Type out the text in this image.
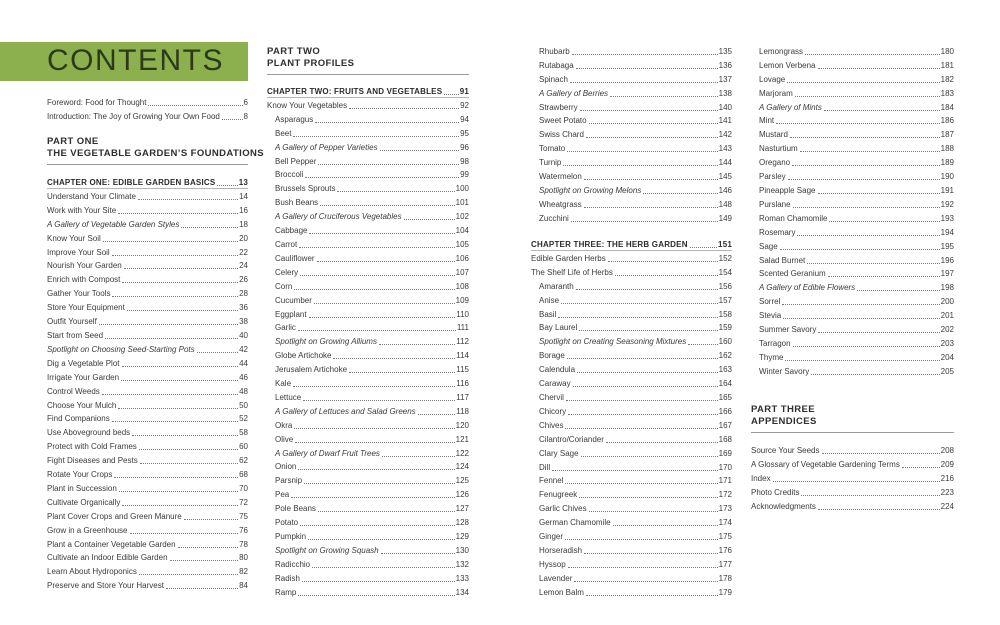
CONTENTS
Foreword: Food for Thought	6
Introduction: The Joy of Growing Your Own Food	8
PART ONE
THE VEGETABLE GARDEN’S FOUNDATIONS
CHAPTER ONE: EDIBLE GARDEN BASICS	13
Understand Your Climate	14
Work with Your Site	16
A Gallery of Vegetable Garden Styles	18
Know Your Soil	20
Improve Your Soil	22
Nourish Your Garden	24
Enrich with Compost	26
Gather Your Tools	28
Store Your Equipment	36
Outfit Yourself	38
Start from Seed	40
Spotlight on Choosing Seed-Starting Pots	42
Dig a Vegetable Plot	44
Irrigate Your Garden	46
Control Weeds	48
Choose Your Mulch	50
Find Companions	52
Use Aboveground beds	58
Protect with Cold Frames	60
Fight Diseases and Pests	62
Rotate Your Crops	68
Plant in Succession	70
Cultivate Organically	72
Plant Cover Crops and Green Manure	75
Grow in a Greenhouse	76
Plant a Container Vegetable Garden	78
Cultivate an Indoor Edible Garden	80
Learn About Hydroponics	82
Preserve and Store Your Harvest	84
PART TWO
PLANT PROFILES
CHAPTER TWO: FRUITS AND VEGETABLES 91
Know Your Vegetables	92
Asparagus	94
Beet	95
A Gallery of Pepper Varieties	96
Bell Pepper	98
Broccoli	99
Brussels Sprouts	100
Bush Beans	101
A Gallery of Cruciferous Vegetables	102
Cabbage	104
Carrot	105
Cauliflower	106
Celery	107
Corn	108
Cucumber	109
Eggplant	110
Garlic	111
Spotlight on Growing Alliums	112
Globe Artichoke	114
Jerusalem Artichoke	115
Kale	116
Lettuce	117
A Gallery of Lettuces and Salad Greens	118
Okra	120
Olive	121
A Gallery of Dwarf Fruit Trees	122
Onion	124
Parsnip	125
Pea	126
Pole Beans	127
Potato	128
Pumpkin	129
Spotlight on Growing Squash	130
Radicchio	132
Radish	133
Ramp	134
Rhubarb	135
Rutabaga	136
Spinach	137
A Gallery of Berries	138
Strawberry	140
Sweet Potato	141
Swiss Chard	142
Tomato	143
Turnip	144
Watermelon	145
Spotlight on Growing Melons	146
Wheatgrass	148
Zucchini	149
CHAPTER THREE: THE HERB GARDEN	151
Edible Garden Herbs	152
The Shelf Life of Herbs	154
Amaranth	156
Anise	157
Basil	158
Bay Laurel	159
Spotlight on Creating Seasoning Mixtures	160
Borage	162
Calendula	163
Caraway	164
Chervil	165
Chicory	166
Chives	167
Cilantro/Coriander	168
Clary Sage	169
Dill	170
Fennel	171
Fenugreek	172
Garlic Chives	173
German Chamomile	174
Ginger	175
Horseradish	176
Hyssop	177
Lavender	178
Lemon Balm	179
Lemongrass	180
Lemon Verbena	181
Lovage	182
Marjoram	183
A Gallery of Mints	184
Mint	186
Mustard	187
Nasturtium	188
Oregano	189
Parsley	190
Pineapple Sage	191
Purslane	192
Roman Chamomile	193
Rosemary	194
Sage	195
Salad Burnet	196
Scented Geranium	197
A Gallery of Edible Flowers	198
Sorrel	200
Stevia	201
Summer Savory	202
Tarragon	203
Thyme	204
Winter Savory	205
PART THREE
APPENDICES
Source Your Seeds	208
A Glossary of Vegetable Gardening Terms	209
Index	216
Photo Credits	223
Acknowledgments	224
